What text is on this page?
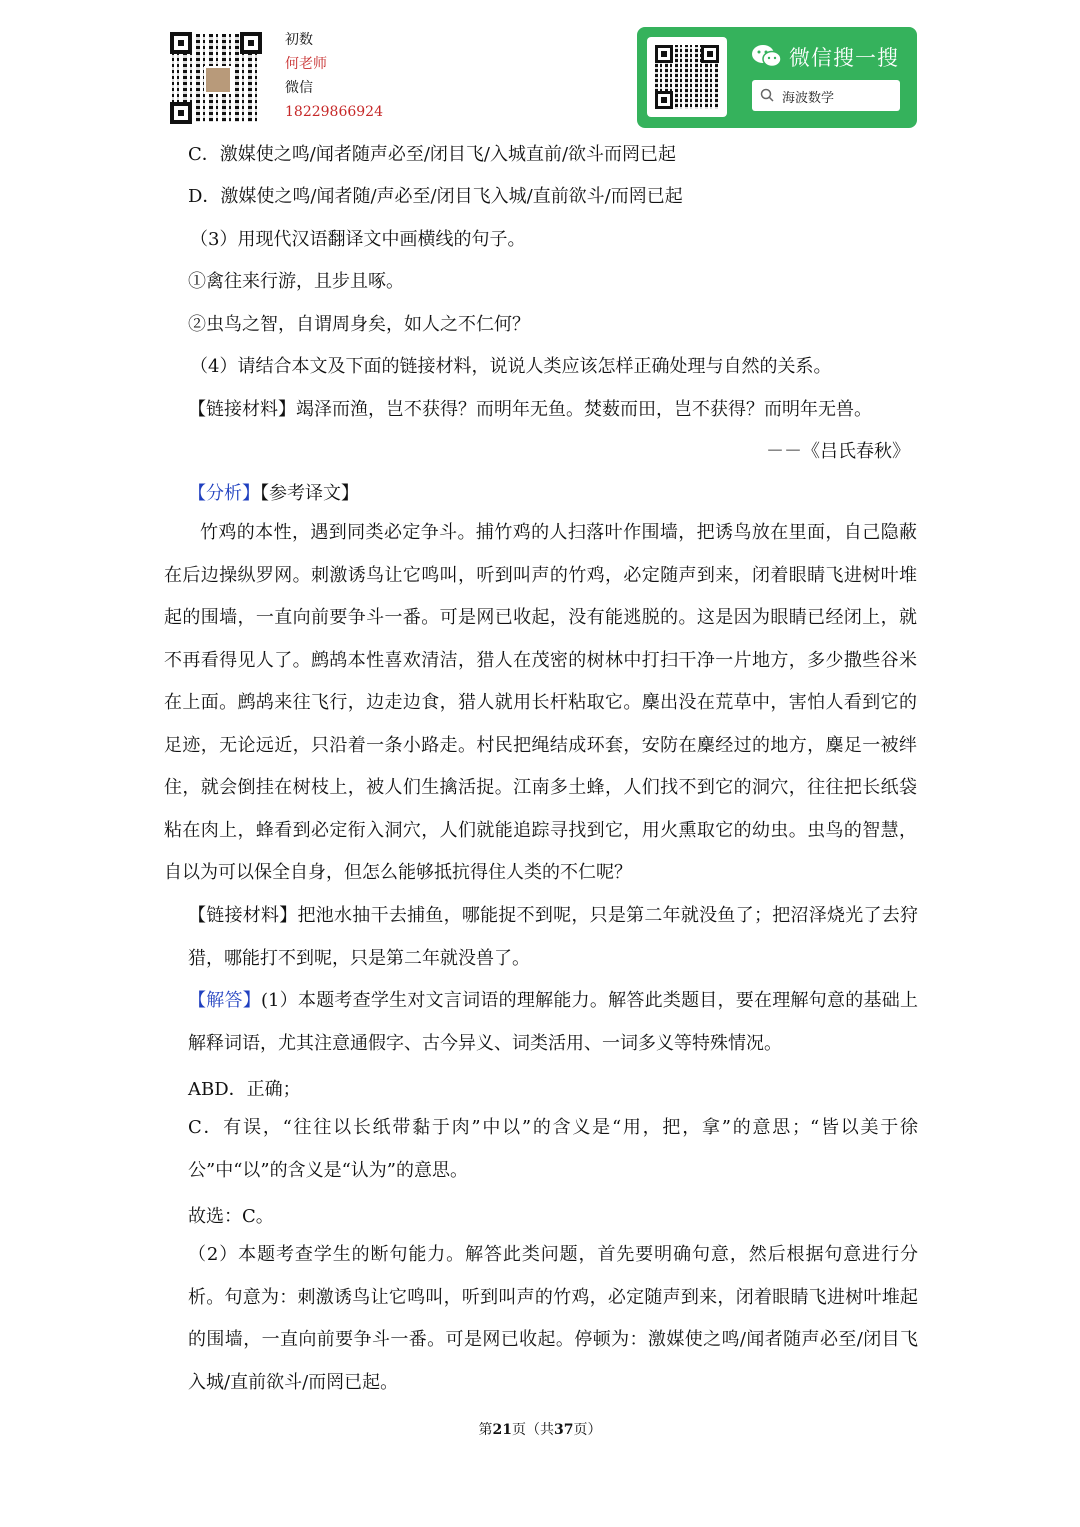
初数
何老师
微信
18229866924
微信搜一搜
海波数学
C．激媒使之鸣/闻者随声必至/闭目飞/入城直前/欲斗而罔已起
D．激媒使之鸣/闻者随/声必至/闭目飞入城/直前欲斗/而罔已起
（3）用现代汉语翻译文中画横线的句子。
①禽往来行游，且步且啄。
②虫鸟之智，自谓周身矣，如人之不仁何？
（4）请结合本文及下面的链接材料，说说人类应该怎样正确处理与自然的关系。
【链接材料】竭泽而渔，岂不获得？而明年无鱼。焚薮而田，岂不获得？而明年无兽。
－－《吕氏春秋》
【分析】【参考译文】
竹鸡的本性，遇到同类必定争斗。捕竹鸡的人扫落叶作围墙，把诱鸟放在里面，自己隐蔽在后边操纵罗网。刺激诱鸟让它鸣叫，听到叫声的竹鸡，必定随声到来，闭着眼睛飞进树叶堆起的围墙，一直向前要争斗一番。可是网已收起，没有能逃脱的。这是因为眼睛已经闭上，就不再看得见人了。鹧鸪本性喜欢清洁，猎人在茂密的树林中打扫干净一片地方，多少撒些谷米在上面。鹧鸪来往飞行，边走边食，猎人就用长杆粘取它。麇出没在荒草中，害怕人看到它的足迹，无论远近，只沿着一条小路走。村民把绳结成环套，安防在麇经过的地方，麇足一被绊住，就会倒挂在树枝上，被人们生擒活捉。江南多土蜂，人们找不到它的洞穴，往往把长纸袋粘在肉上，蜂看到必定衔入洞穴，人们就能追踪寻找到它，用火熏取它的幼虫。虫鸟的智慧，自以为可以保全自身，但怎么能够抵抗得住人类的不仁呢？
【链接材料】把池水抽干去捕鱼，哪能捉不到呢，只是第二年就没鱼了；把沼泽烧光了去狩猎，哪能打不到呢，只是第二年就没兽了。
【解答】(1）本题考查学生对文言词语的理解能力。解答此类题目，要在理解句意的基础上解释词语，尤其注意通假字、古今异义、词类活用、一词多义等特殊情况。
ABD．正确；
C．有误，“往往以长纸带黏于肉”中以”的含义是“用，把，拿”的意思；“皆以美于徐公”中“以”的含义是“认为”的意思。
故选：C。
（2）本题考查学生的断句能力。解答此类问题，首先要明确句意，然后根据句意进行分析。句意为：刺激诱鸟让它鸣叫，听到叫声的竹鸡，必定随声到来，闭着眼睛飞进树叶堆起的围墙，一直向前要争斗一番。可是网已收起。停顿为：激媒使之鸣/闻者随声必至/闭目飞入城/直前欲斗/而罔已起。
第21页（共37页）
